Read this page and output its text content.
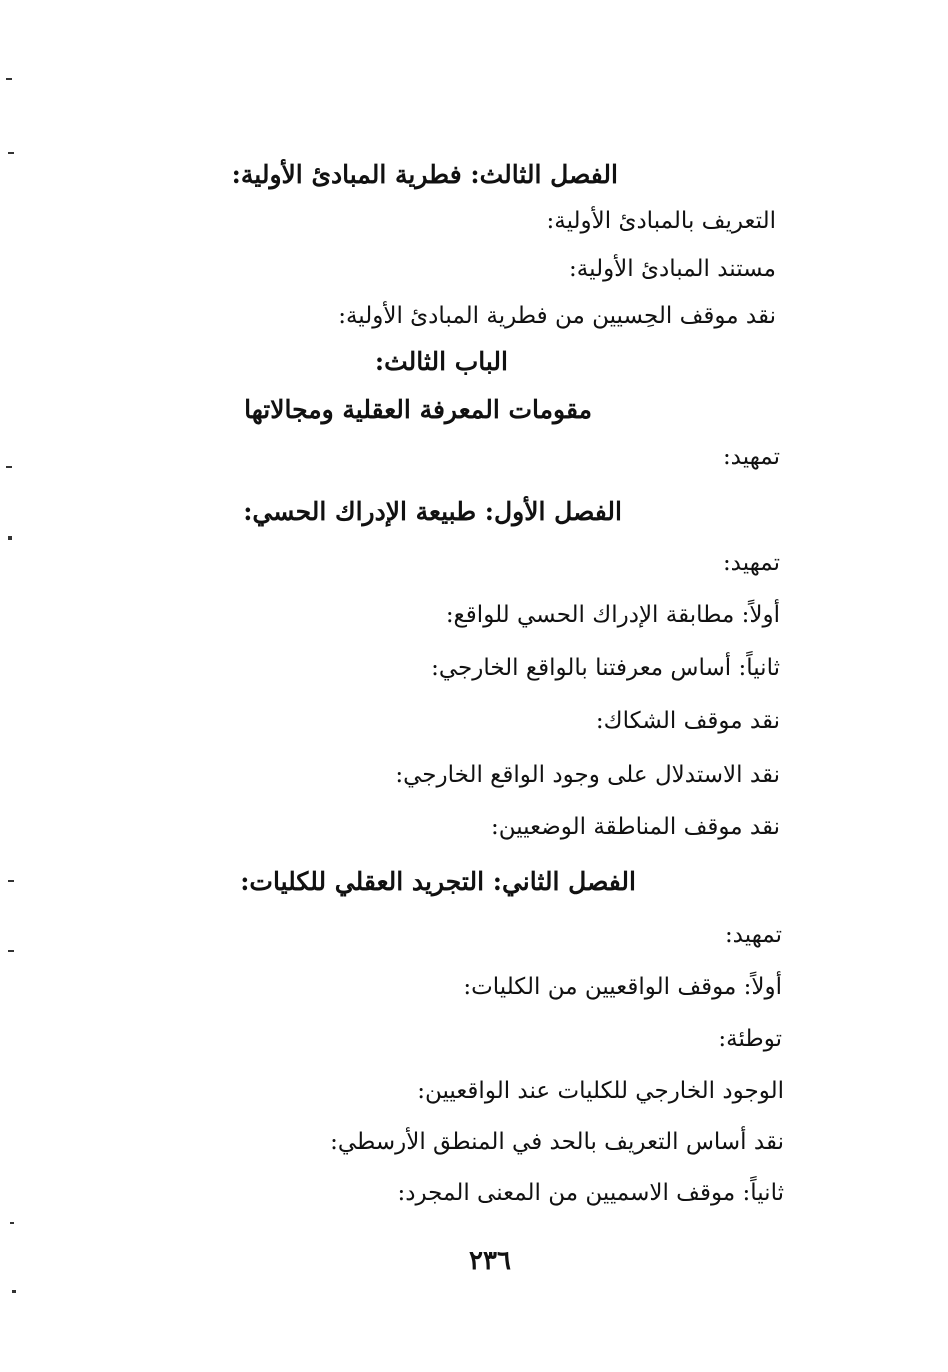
الفصل الثالث: فطرية المبادئ الأولية:
التعريف بالمبادئ الأولية:
مستند المبادئ الأولية:
نقد موقف الحِسيين من فطرية المبادئ الأولية:
الباب الثالث:
مقومات المعرفة العقلية ومجالاتها
تمهيد:
الفصل الأول: طبيعة الإدراك الحسي:
تمهيد:
أولاً: مطابقة الإدراك الحسي للواقع:
ثانياً: أساس معرفتنا بالواقع الخارجي:
نقد موقف الشكاك:
نقد الاستدلال على وجود الواقع الخارجي:
نقد موقف المناطقة الوضعيين:
الفصل الثاني: التجريد العقلي للكليات:
تمهيد:
أولاً: موقف الواقعيين من الكليات:
توطئة:
الوجود الخارجي للكليات عند الواقعيين:
نقد أساس التعريف بالحد في المنطق الأرسطي:
ثانياً: موقف الاسميين من المعنى المجرد:
٢٣٦
